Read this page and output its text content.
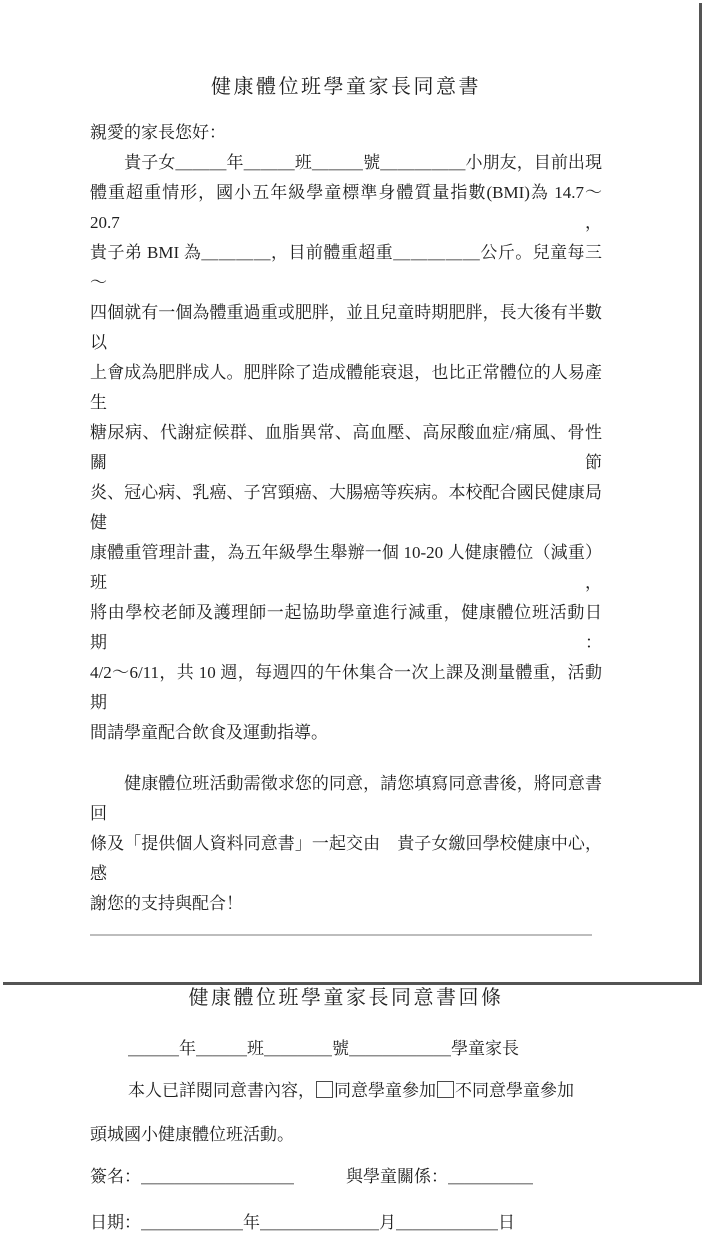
健康體位班學童家長同意書
親愛的家長您好：
　　貴子女＿＿＿年＿＿＿班＿＿＿號＿＿＿＿＿小朋友，目前出現
體重超重情形，國小五年級學童標準身體質量指數(BMI)為 14.7～20.7，
貴子弟 BMI 為＿＿＿＿，目前體重超重＿＿＿＿＿公斤。兒童每三～
四個就有一個為體重過重或肥胖，並且兒童時期肥胖，長大後有半數以
上會成為肥胖成人。肥胖除了造成體能衰退，也比正常體位的人易產生
糖尿病、代謝症候群、血脂異常、高血壓、高尿酸血症/痛風、骨性關節
炎、冠心病、乳癌、子宮頸癌、大腸癌等疾病。本校配合國民健康局健
康體重管理計畫，為五年級學生舉辦一個 10-20 人健康體位（減重）班，
將由學校老師及護理師一起協助學童進行減重，健康體位班活動日期：
4/2～6/11，共 10 週，每週四的午休集合一次上課及測量體重，活動期
間請學童配合飲食及運動指導。
　　健康體位班活動需徵求您的同意，請您填寫同意書後，將同意書回
條及「提供個人資料同意書」一起交由　貴子女繳回學校健康中心，感
謝您的支持與配合！
健康體位班學童家長同意書回條
＿＿＿年＿＿＿班＿＿＿＿號＿＿＿＿＿＿學童家長
本人已詳閱同意書內容， 同意學童參加 不同意學童參加
頭城國小健康體位班活動。
簽名：＿＿＿＿＿＿＿＿＿	與學童關係：＿＿＿＿＿
日期：＿＿＿＿＿＿年＿＿＿＿＿＿＿月＿＿＿＿＿＿日
